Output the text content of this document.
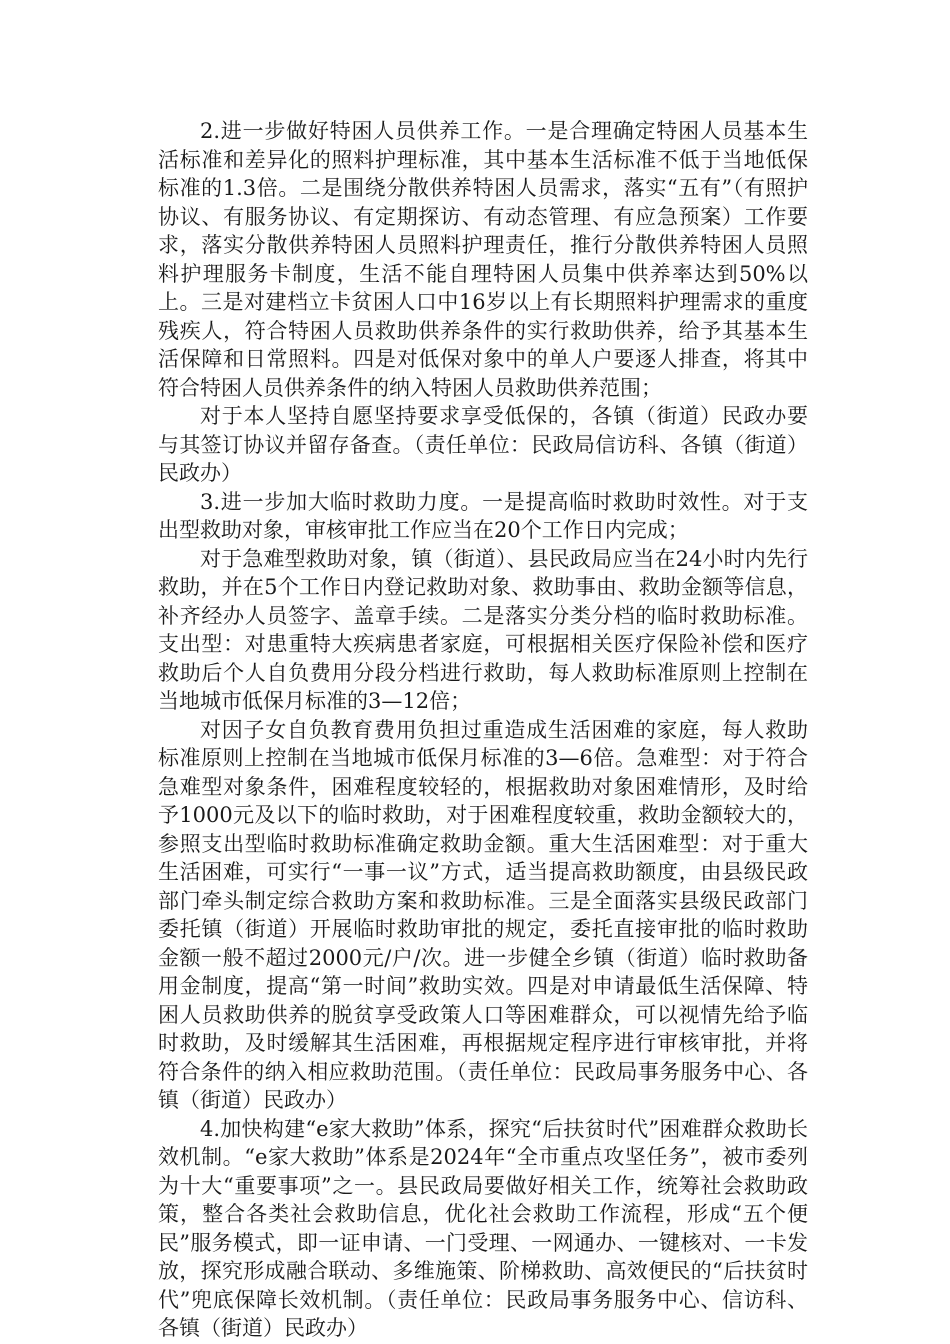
2.进一步做好特困人员供养工作。一是合理确定特困人员基本生活标准和差异化的照料护理标准，其中基本生活标准不低于当地低保标准的1.3倍。二是围绕分散供养特困人员需求，落实“五有”（有照护协议、有服务协议、有定期探访、有动态管理、有应急预案）工作要求，落实分散供养特困人员照料护理责任，推行分散供养特困人员照料护理服务卡制度，生活不能自理特困人员集中供养率达到50%以上。三是对建档立卡贫困人口中16岁以上有长期照料护理需求的重度残疾人，符合特困人员救助供养条件的实行救助供养，给予其基本生活保障和日常照料。四是对低保对象中的单人户要逐人排查，将其中符合特困人员供养条件的纳入特困人员救助供养范围；

对于本人坚持自愿坚持要求享受低保的，各镇（街道）民政办要与其签订协议并留存备查。（责任单位：民政局信访科、各镇（街道）民政办）

3.进一步加大临时救助力度。一是提高临时救助时效性。对于支出型救助对象，审核审批工作应当在20个工作日内完成；

对于急难型救助对象，镇（街道）、县民政局应当在24小时内先行救助，并在5个工作日内登记救助对象、救助事由、救助金额等信息，补齐经办人员签字、盖章手续。二是落实分类分档的临时救助标准。支出型：对患重特大疾病患者家庭，可根据相关医疗保险补偿和医疗救助后个人自负费用分段分档进行救助，每人救助标准原则上控制在当地城市低保月标准的3—12倍；

对因子女自负教育费用负担过重造成生活困难的家庭，每人救助标准原则上控制在当地城市低保月标准的3—6倍。急难型：对于符合急难型对象条件，困难程度较轻的，根据救助对象困难情形，及时给予1000元及以下的临时救助，对于困难程度较重，救助金额较大的，参照支出型临时救助标准确定救助金额。重大生活困难型：对于重大生活困难，可实行“一事一议”方式，适当提高救助额度，由县级民政部门牵头制定综合救助方案和救助标准。三是全面落实县级民政部门委托镇（街道）开展临时救助审批的规定，委托直接审批的临时救助金额一般不超过2000元/户/次。进一步健全乡镇（街道）临时救助备用金制度，提高“第一时间”救助实效。四是对申请最低生活保障、特困人员救助供养的脱贫享受政策人口等困难群众，可以视情先给予临时救助，及时缓解其生活困难，再根据规定程序进行审核审批，并将符合条件的纳入相应救助范围。（责任单位：民政局事务服务中心、各镇（街道）民政办）

4.加快构建“e家大救助”体系，探究“后扶贫时代”困难群众救助长效机制。“e家大救助”体系是2024年“全市重点攻坚任务”，被市委列为十大“重要事项”之一。县民政局要做好相关工作，统筹社会救助政策，整合各类社会救助信息，优化社会救助工作流程，形成“五个便民”服务模式，即一证申请、一门受理、一网通办、一键核对、一卡发放，探究形成融合联动、多维施策、阶梯救助、高效便民的“后扶贫时代”兜底保障长效机制。（责任单位：民政局事务服务中心、信访科、各镇（街道）民政办）
